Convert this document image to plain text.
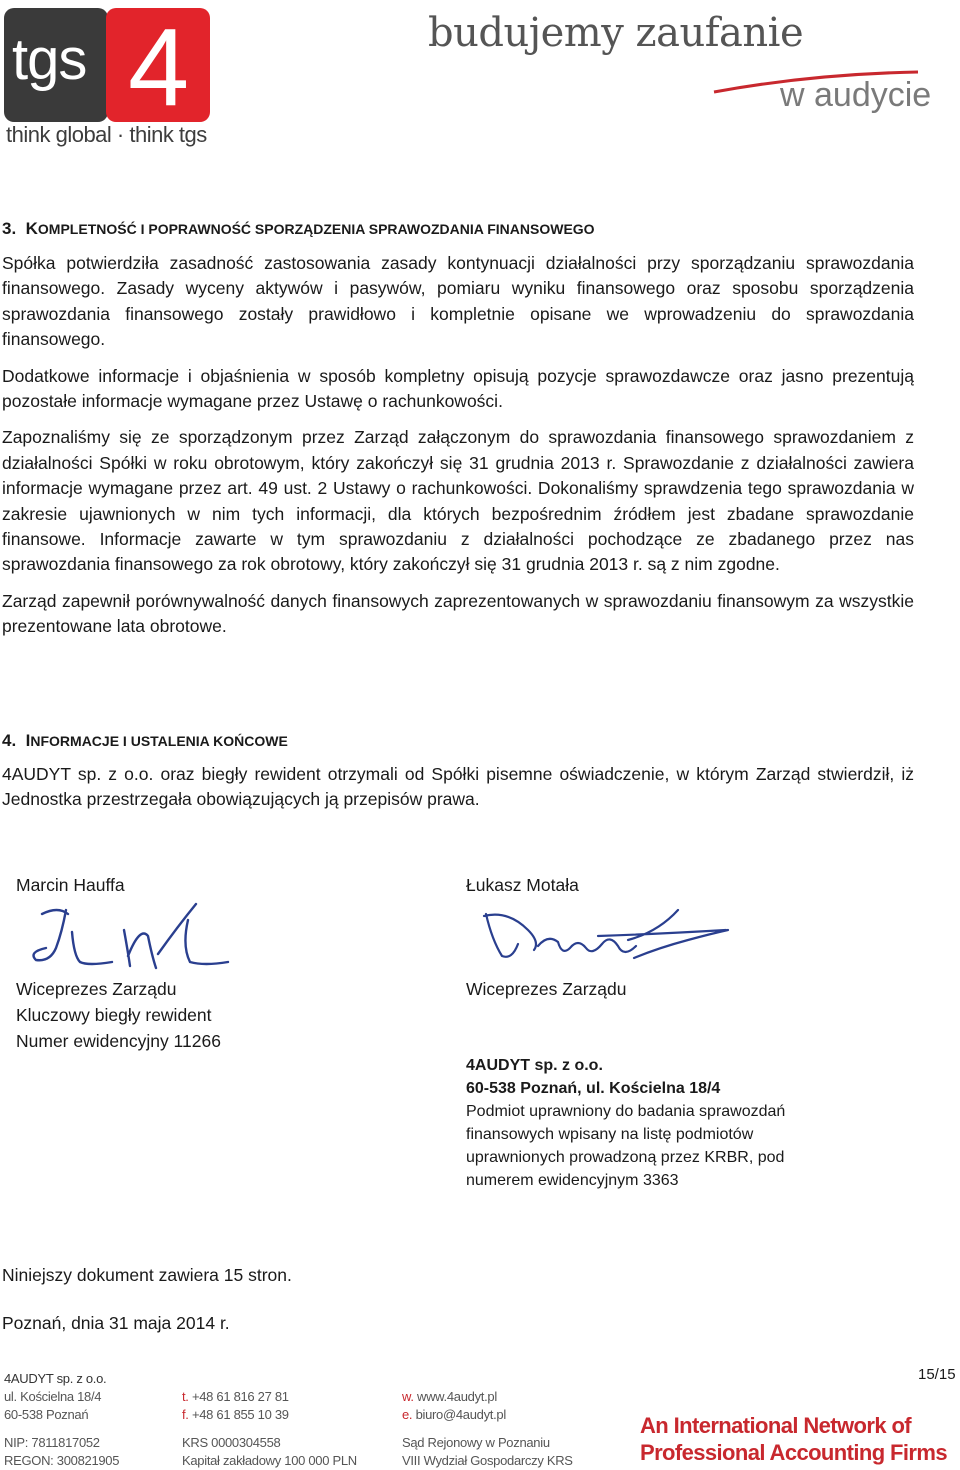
tgs 4
think global · think tgs
budujemy zaufanie
w audycie
3. KOMPLETNOŚĆ I POPRAWNOŚĆ SPORZĄDZENIA SPRAWOZDANIA FINANSOWEGO

Spółka potwierdziła zasadność zastosowania zasady kontynuacji działalności przy sporządzaniu sprawozdania finansowego. Zasady wyceny aktywów i pasywów, pomiaru wyniku finansowego oraz sposobu sporządzenia sprawozdania finansowego zostały prawidłowo i kompletnie opisane we wprowadzeniu do sprawozdania finansowego.

Dodatkowe informacje i objaśnienia w sposób kompletny opisują pozycje sprawozdawcze oraz jasno prezentują pozostałe informacje wymagane przez Ustawę o rachunkowości.

Zapoznaliśmy się ze sporządzonym przez Zarząd załączonym do sprawozdania finansowego sprawozdaniem z działalności Spółki w roku obrotowym, który zakończył się 31 grudnia 2013 r. Sprawozdanie z działalności zawiera informacje wymagane przez art. 49 ust. 2 Ustawy o rachunkowości. Dokonaliśmy sprawdzenia tego sprawozdania w zakresie ujawnionych w nim tych informacji, dla których bezpośrednim źródłem jest zbadane sprawozdanie finansowe. Informacje zawarte w tym sprawozdaniu z działalności pochodzące ze zbadanego przez nas sprawozdania finansowego za rok obrotowy, który zakończył się 31 grudnia 2013 r. są z nim zgodne.

Zarząd zapewnił porównywalność danych finansowych zaprezentowanych w sprawozdaniu finansowym za wszystkie prezentowane lata obrotowe.

4. INFORMACJE I USTALENIA KOŃCOWE

4AUDYT sp. z o.o. oraz biegły rewident otrzymali od Spółki pisemne oświadczenie, w którym Zarząd stwierdził, iż Jednostka przestrzegała obowiązujących ją przepisów prawa.

Marcin Hauffa
Wiceprezes Zarządu
Kluczowy biegły rewident
Numer ewidencyjny 11266
Łukasz Motała
Wiceprezes Zarządu
4AUDYT sp. z o.o.
60-538 Poznań, ul. Kościelna 18/4
Podmiot uprawniony do badania sprawozdań
finansowych wpisany na listę podmiotów
uprawnionych prowadzoną przez KRBR, pod
numerem ewidencyjnym 3363
Niniejszy dokument zawiera 15 stron.
Poznań, dnia 31 maja 2014 r.
4AUDYT sp. z o.o.
ul. Kościelna 18/4
60-538 Poznań
NIP: 7811817052
REGON: 300821905
t. +48 61 816 27 81
f. +48 61 855 10 39
KRS 0000304558
Kapitał zakładowy 100 000 PLN
w. www.4audyt.pl
e. biuro@4audyt.pl
Sąd Rejonowy w Poznaniu
VIII Wydział Gospodarczy KRS
An International Network of
Professional Accounting Firms
15/15
